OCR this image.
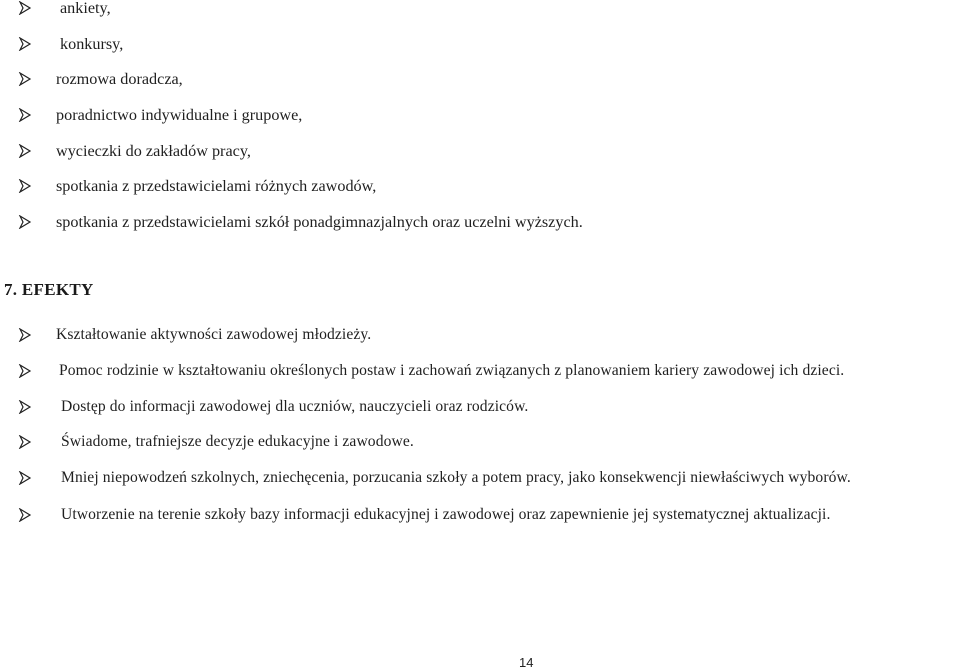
ankiety,
konkursy,
rozmowa doradcza,
poradnictwo indywidualne i grupowe,
wycieczki do zakładów pracy,
spotkania z przedstawicielami różnych zawodów,
spotkania z przedstawicielami szkół ponadgimnazjalnych oraz uczelni wyższych.
7. EFEKTY
Kształtowanie aktywności zawodowej młodzieży.
Pomoc rodzinie w kształtowaniu określonych postaw i zachowań związanych z planowaniem kariery zawodowej ich dzieci.
Dostęp do informacji zawodowej dla uczniów, nauczycieli oraz rodziców.
Świadome, trafniejsze decyzje edukacyjne i zawodowe.
Mniej niepowodzeń szkolnych, zniechęcenia, porzucania szkoły a potem pracy, jako konsekwencji niewłaściwych wyborów.
Utworzenie na terenie szkoły bazy informacji edukacyjnej i zawodowej oraz zapewnienie jej systematycznej aktualizacji.
14
